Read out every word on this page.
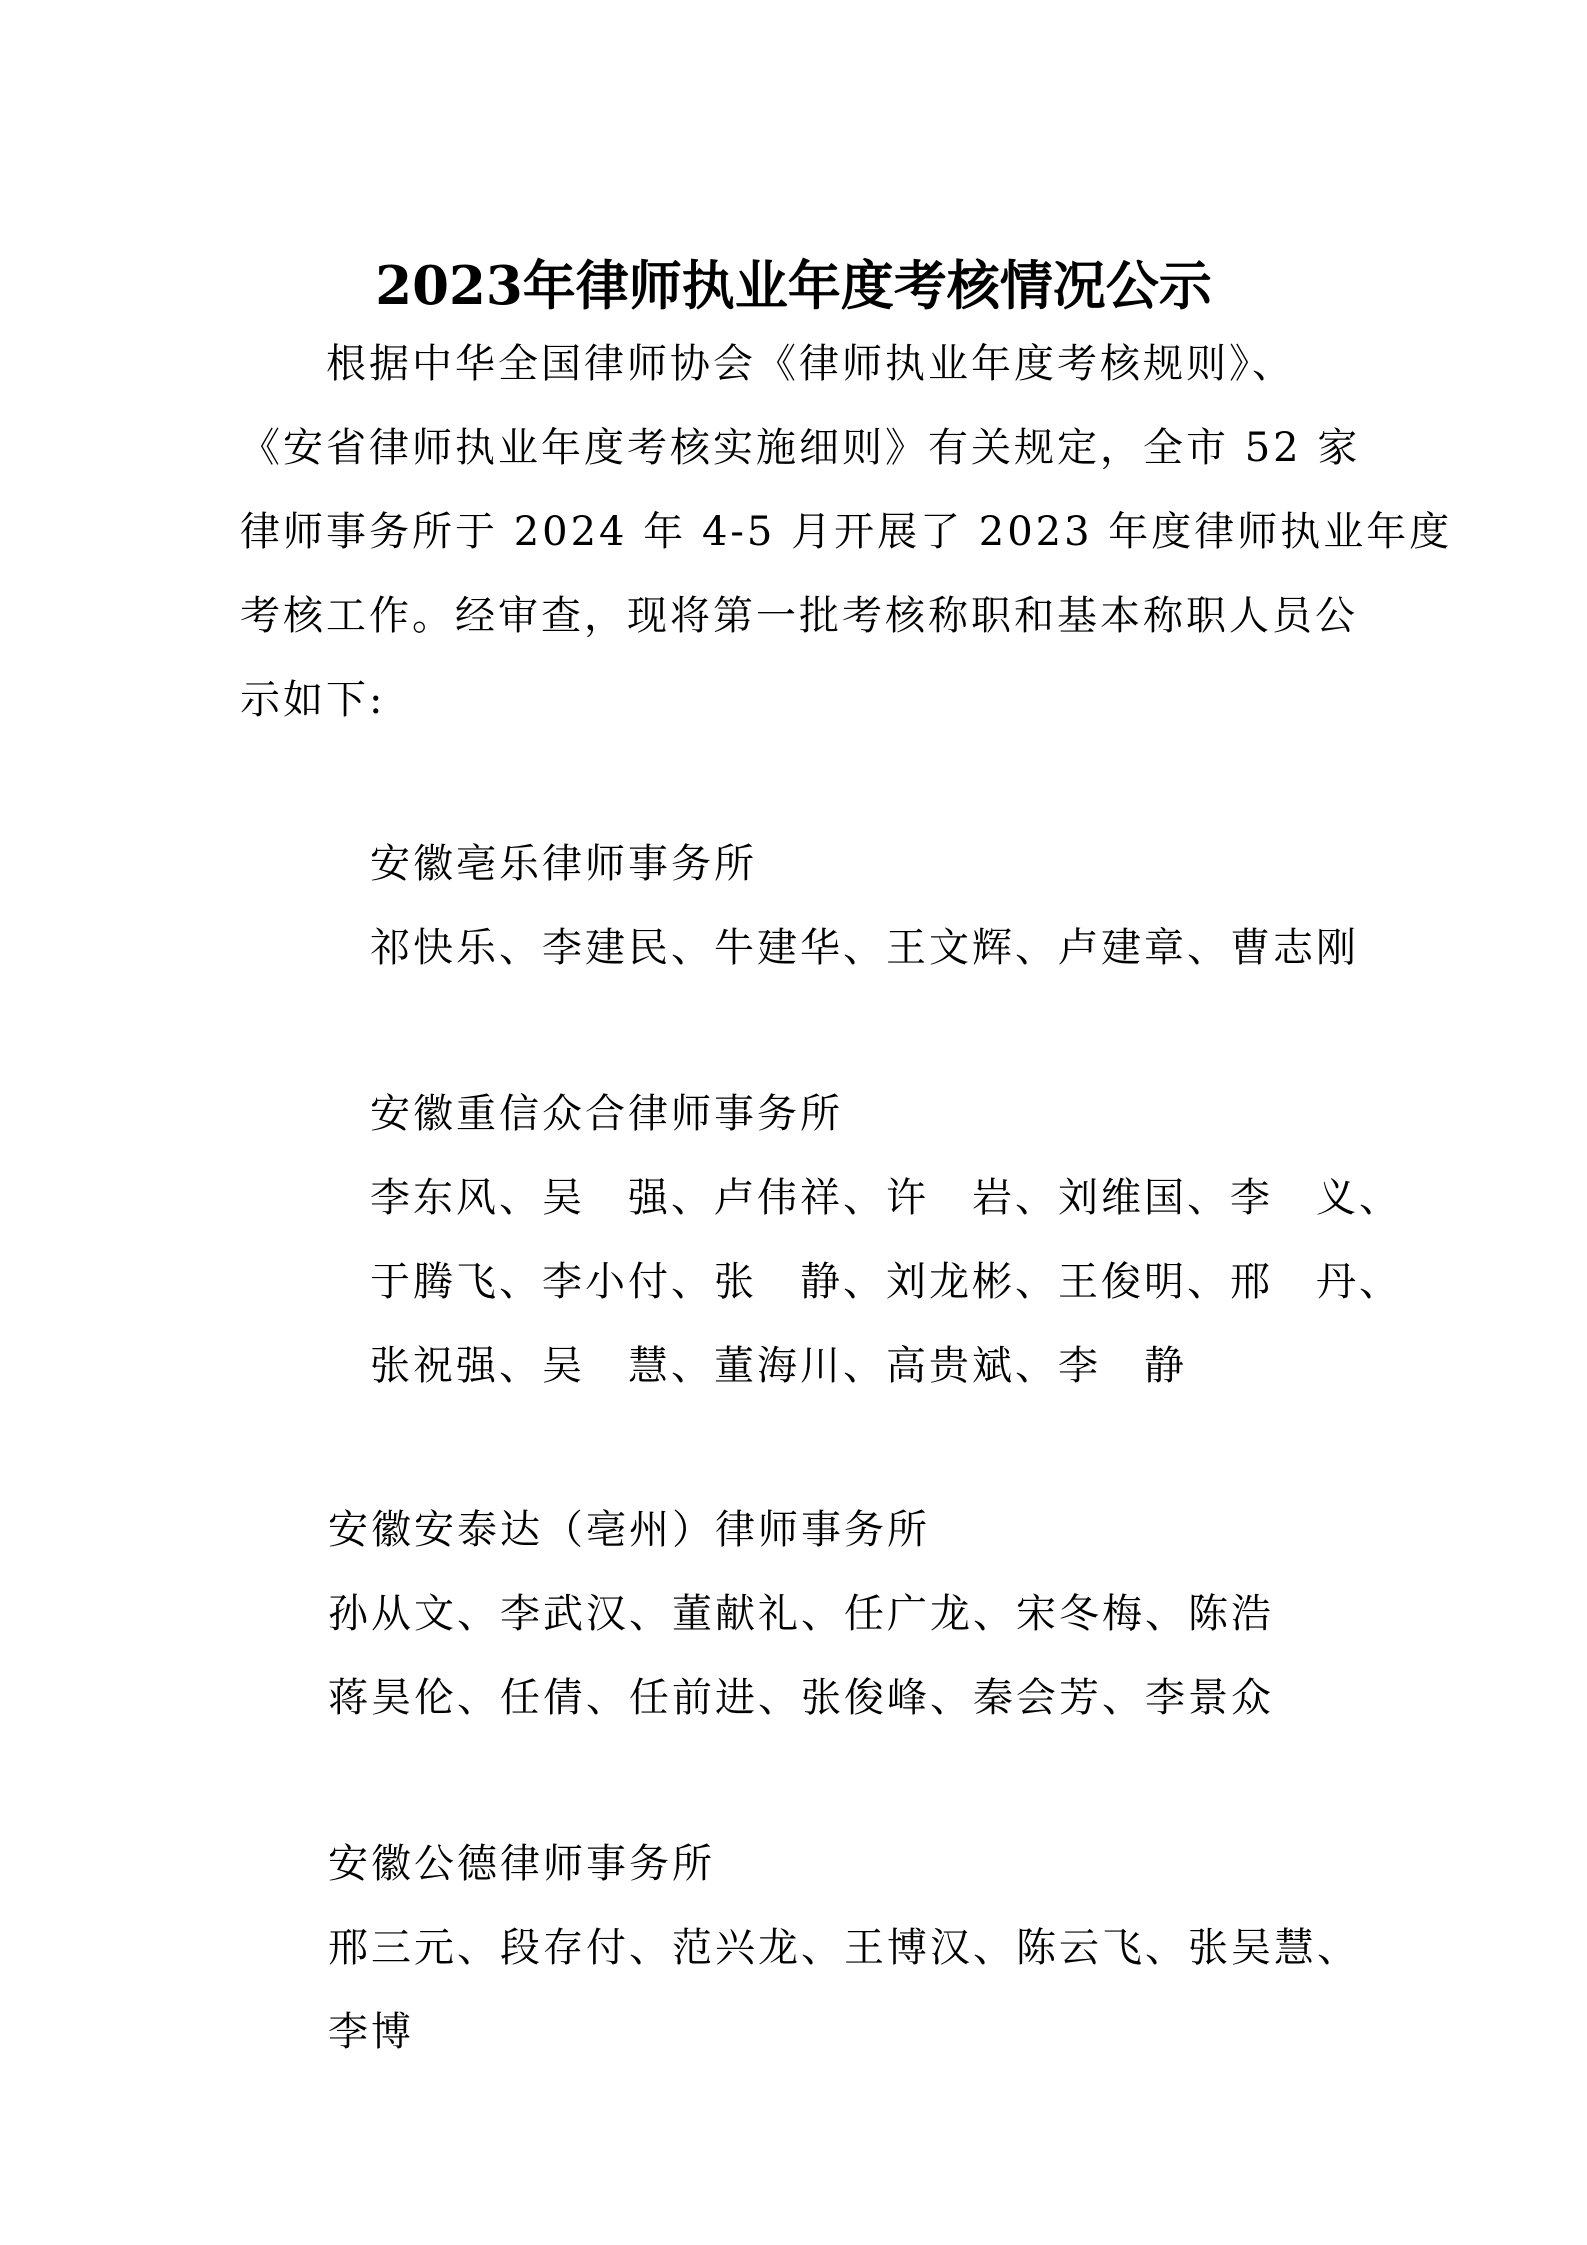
2023年律师执业年度考核情况公示
　　根据中华全国律师协会《律师执业年度考核规则》、
《安省律师执业年度考核实施细则》有关规定，全市 52 家
律师事务所于 2024 年 4-5 月开展了 2023 年度律师执业年度
考核工作。经审查，现将第一批考核称职和基本称职人员公
示如下:
安徽亳乐律师事务所
祁快乐、李建民、牛建华、王文辉、卢建章、曹志刚
安徽重信众合律师事务所
李东风、吴　强、卢伟祥、许　岩、刘维国、李　义、
于腾飞、李小付、张　静、刘龙彬、王俊明、邢　丹、
张祝强、吴　慧、董海川、高贵斌、李　静
安徽安泰达（亳州）律师事务所
孙从文、李武汉、董献礼、任广龙、宋冬梅、陈浩
蒋昊伦、任倩、任前进、张俊峰、秦会芳、李景众
安徽公德律师事务所
邢三元、段存付、范兴龙、王博汉、陈云飞、张吴慧、
李博
